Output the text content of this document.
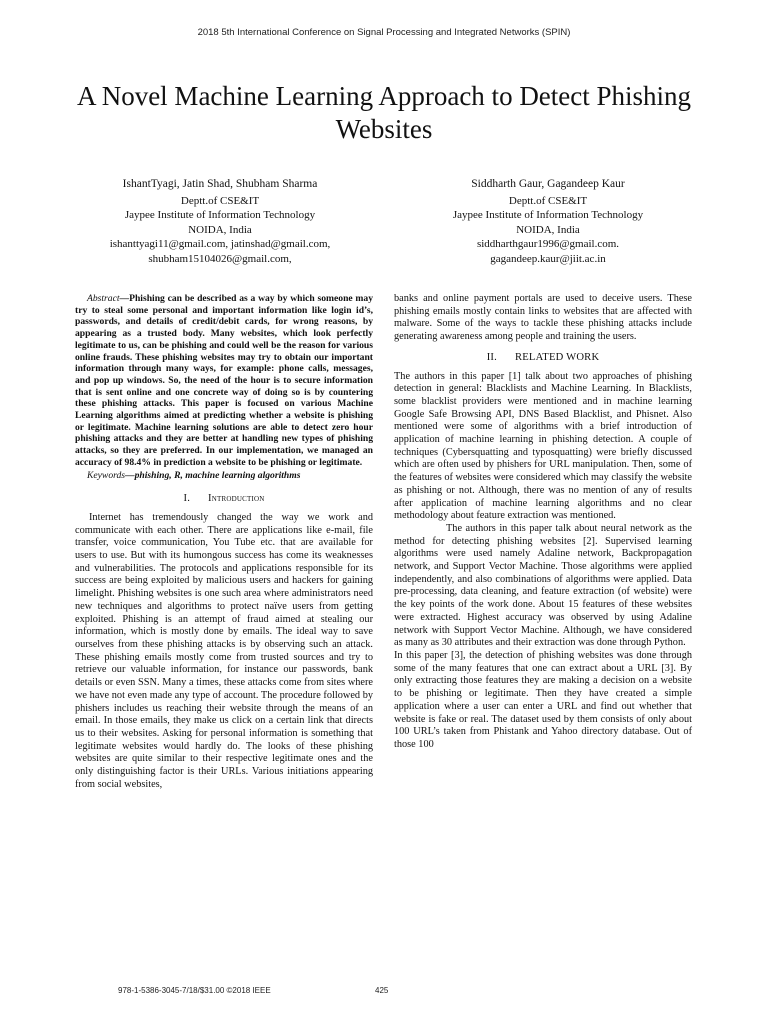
2018 5th International Conference on Signal Processing and Integrated Networks (SPIN)
A Novel Machine Learning Approach to Detect Phishing Websites
IshantTyagi, Jatin Shad, Shubham Sharma
Deptt.of CSE&IT
Jaypee Institute of Information Technology
NOIDA, India
ishanttyagi11@gmail.com, jatinshad@gmail.com,
shubham15104026@gmail.com,
Siddharth Gaur, Gagandeep Kaur
Deptt.of CSE&IT
Jaypee Institute of Information Technology
NOIDA, India
siddharthgaur1996@gmail.com.
gagandeep.kaur@jiit.ac.in

Abstract—Phishing can be described as a way by which someone may try to steal some personal and important information like login id’s, passwords, and details of credit/debit cards, for wrong reasons, by appearing as a trusted body. Many websites, which look perfectly legitimate to us, can be phishing and could well be the reason for various online frauds. These phishing websites may try to obtain our important information through many ways, for example: phone calls, messages, and pop up windows. So, the need of the hour is to secure information that is sent online and one concrete way of doing so is by countering these phishing attacks. This paper is focused on various Machine Learning algorithms aimed at predicting whether a website is phishing or legitimate. Machine learning solutions are able to detect zero hour phishing attacks and they are better at handling new types of phishing attacks, so they are preferred. In our implementation, we managed an accuracy of 98.4% in prediction a website to be phishing or legitimate.

Keywords—phishing, R, machine learning algorithms

I. Introduction

Internet has tremendously changed the way we work and communicate with each other. There are applications like e-mail, file transfer, voice communication, You Tube etc. that are available for users to use. But with its humongous success has come its weaknesses and vulnerabilities. The protocols and applications responsible for its success are being exploited by malicious users and hackers for gaining limelight. Phishing websites is one such area where administrators need new techniques and algorithms to protect naïve users from getting exploited. Phishing is an attempt of fraud aimed at stealing our information, which is mostly done by emails. The ideal way to save ourselves from these phishing attacks is by observing such an attack. These phishing emails mostly come from trusted sources and try to retrieve our valuable information, for instance our passwords, bank details or even SSN. Many a times, these attacks come from sites where we have not even made any type of account. The procedure followed by phishers includes us reaching their website through the means of an email. In those emails, they make us click on a certain link that directs us to their websites. Asking for personal information is something that legitimate websites would hardly do. The looks of these phishing websites are quite similar to their respective legitimate ones and the only distinguishing factor is their URLs. Various initiations appearing from social websites,

banks and online payment portals are used to deceive users. These phishing emails mostly contain links to websites that are affected with malware. Some of the ways to tackle these phishing attacks include generating awareness among people and training the users.

II. RELATED WORK

The authors in this paper [1] talk about two approaches of phishing detection in general: Blacklists and Machine Learning. In Blacklists, some blacklist providers were mentioned and in machine learning Google Safe Browsing API, DNS Based Blacklist, and Phisnet. Also mentioned were some of algorithms with a brief introduction of application of machine learning in phishing detection. A couple of techniques (Cybersquatting and typosquatting) were briefly discussed which are often used by phishers for URL manipulation. Then, some of the features of websites were considered which may classify the website as phishing or not. Although, there was no mention of any of results after application of machine learning algorithms and no clear methodology about feature extraction was mentioned.

The authors in this paper talk about neural network as the method for detecting phishing websites [2]. Supervised learning algorithms were used namely Adaline network, Backpropagation network, and Support Vector Machine. Those algorithms were applied independently, and also combinations of algorithms were applied. Data pre-processing, data cleaning, and feature extraction (of website) were the key points of the work done. About 15 features of these websites were extracted. Highest accuracy was observed by using Adaline network with Support Vector Machine. Although, we have considered as many as 30 attributes and their extraction was done through Python.

In this paper [3], the detection of phishing websites was done through some of the many features that one can extract about a URL [3]. By only extracting those features they are making a decision on a website to be phishing or legitimate. Then they have created a simple application where a user can enter a URL and find out whether that website is fake or real. The dataset used by them consists of only about 100 URL’s taken from Phistank and Yahoo directory database. Out of those 100

978-1-5386-3045-7/18/$31.00 ©2018 IEEE	425
